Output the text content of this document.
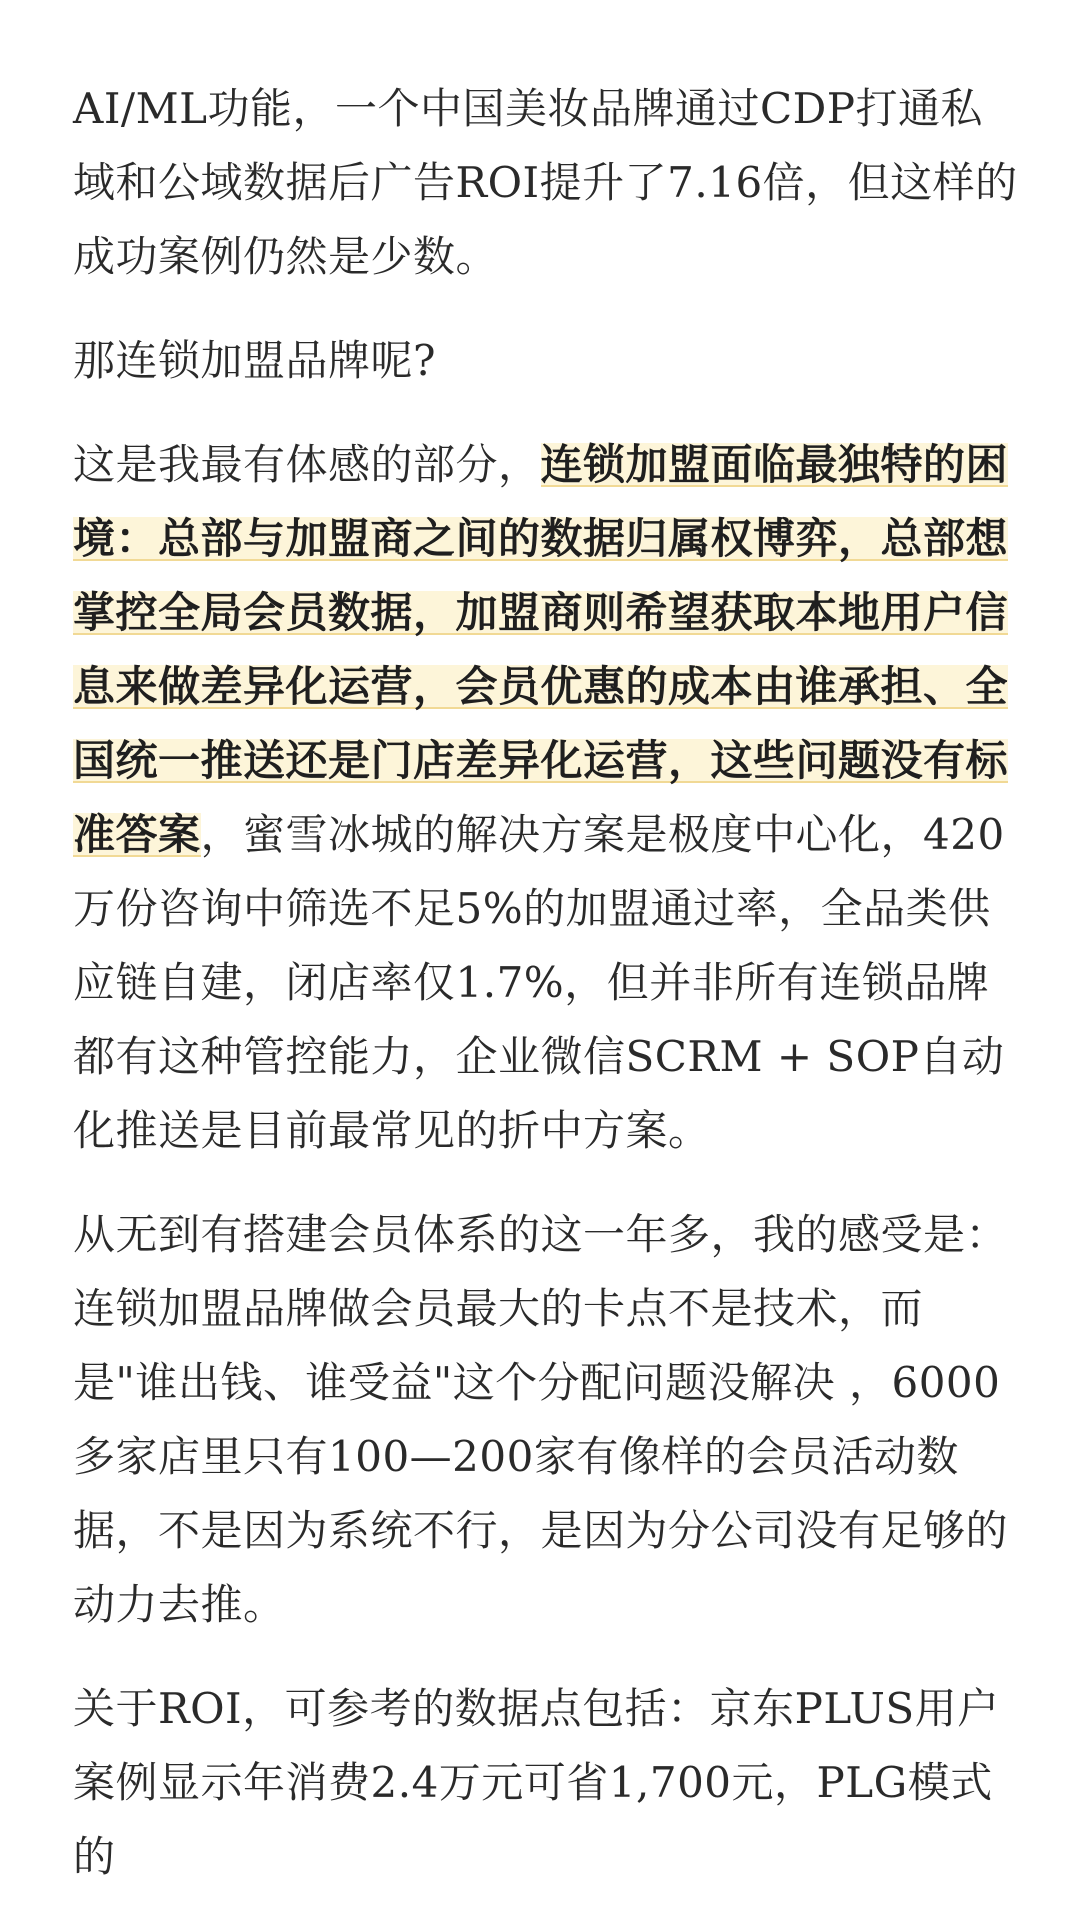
AI/ML功能，一个中国美妆品牌通过CDP打通私域和公域数据后广告ROI提升了7.16倍，但这样的成功案例仍然是少数。

那连锁加盟品牌呢?

这是我最有体感的部分，连锁加盟面临最独特的困境：总部与加盟商之间的数据归属权博弈，总部想掌控全局会员数据，加盟商则希望获取本地用户信息来做差异化运营，会员优惠的成本由谁承担、全国统一推送还是门店差异化运营，这些问题没有标准答案，蜜雪冰城的解决方案是极度中心化，420万份咨询中筛选不足5%的加盟通过率，全品类供应链自建，闭店率仅1.7%，但并非所有连锁品牌都有这种管控能力，企业微信SCRM + SOP自动化推送是目前最常见的折中方案。

从无到有搭建会员体系的这一年多，我的感受是：连锁加盟品牌做会员最大的卡点不是技术，而是"谁出钱、谁受益"这个分配问题没解决 ，6000多家店里只有100—200家有像样的会员活动数据，不是因为系统不行，是因为分公司没有足够的动力去推。

关于ROI，可参考的数据点包括：京东PLUS用户案例显示年消费2.4万元可省1,700元，PLG模式的
